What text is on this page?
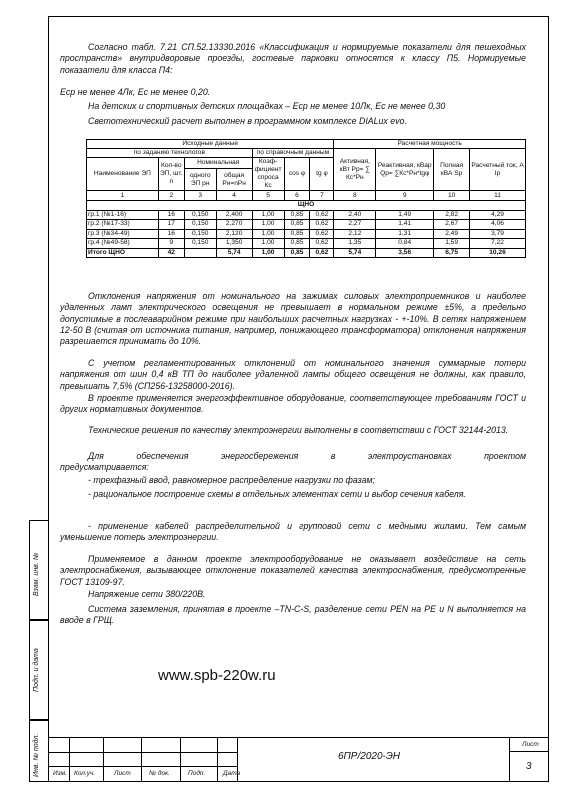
Взам. инв. №
Подп. и дата
Инв. № подл.

Согласно табл. 7.21 СП.52.13330.2016 «Классификация и нормируемые показатели для пешеходных пространств» внутридворовые проезды, гостевые парковки относятся к классу П5. Нормируемые показатели для класса П4:

Eср не менее 4Лк, Eс не менее 0,20.

На детских и спортивных детских площадках – Eср не менее 10Лк, Eс не менее 0,30

Светотехнический расчет выполнен в программном комплексе DIALux evo.

Исходные данные							Расчетная мощность			
по заданию технологов				по справочным данным			Активная, кВт Рр= ∑ Кс*Рн	Реактивная, кВар Qр= ∑Кс*Рн*tgφ	Полная кВА Sр	Расчетный ток, А Iр
Наименование ЭП	Кол-во ЭП, шт. n	Номинальная		Коэф-фициент спроса Кс	cos φ	tg φ				
		одного ЭП рн	общая Рн=nPн							
1	2	3	4	5	6	7	8	9	10	11
ЩНО										
гр.1 (№1-16)	16	0,150	2,400	1,00	0,85	0,62	2,40	1,49	2,82	4,29
гр.2 (№17-33)	17	0,150	2,270	1,00	0,85	0,62	2,27	1,41	2,67	4,06
гр.3 (№34-49)	16	0,150	2,120	1,00	0,85	0,62	2,12	1,31	2,49	3,79
гр.4 (№49-58)	9	0,150	1,350	1,00	0,85	0,62	1,35	0,84	1,59	7,22
Итого ЩНО	42		5,74	1,00	0,85	0,62	5,74	3,56	6,75	10,26

Отклонения напряжения от номинального на зажимах силовых электроприемников и наиболее удаленных ламп электрического освещения не превышает в нормальном режиме ±5%, а предельно допустимые в послеаварийном режиме при наибольших расчетных нагрузках - +-10%. В сетях напряжением 12-50 В (считая от источника питания, например, понижающего трансформатора) отклонения напряжения разрешается принимать до 10%.

С учетом регламентированных отклонений от номинального значения суммарные потери напряжения от шин 0,4 кВ ТП до наиболее удаленной лампы общего освещения не должны, как правило, превышать 7,5% (СП256-13258000-2016).

В проекте применяется энергоэффективное оборудование, соответствующее требованиям ГОСТ и других нормативных документов.

Технические решения по качеству электроэнергии выполнены в соответствии с ГОСТ 32144-2013.

Для обеспечения энергосбережения в электроустановках проектом предусматривается:

- трехфазный ввод, равномерное распределение нагрузки по фазам;

- рациональное построение схемы в отдельных элементах сети и выбор сечения кабеля.

- применение кабелей распределительной и групповой сети с медными жилами. Тем самым уменьшение потерь электроэнергии.

Применяемое в данном проекте электрооборудование не оказывает воздействие на сеть электроснабжения, вызывающее отклонение показателей качества электроснабжения, предусмотренные ГОСТ 13109-97.

Напряжение сети 380/220В.

Система заземления, принятая в проекте –TN-C-S, разделение сети PEN на PE и N выполняется на вводе в ГРЩ.

www.spb-220w.ru
Изм. Кол.уч.	Лист	№ док.	Подп.	Дата
6ПР/2020-ЭН
Лист
3
